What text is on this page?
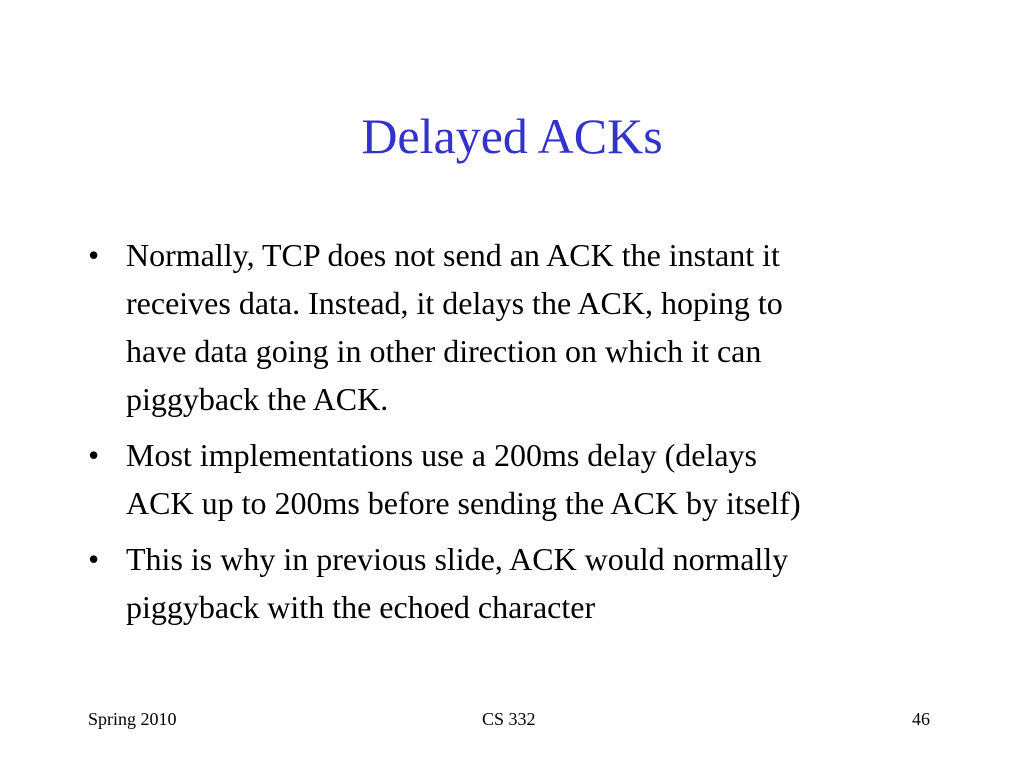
Delayed ACKs
• Normally, TCP does not send an ACK the instant it
receives data. Instead, it delays the ACK, hoping to
have data going in other direction on which it can
piggyback the ACK.
• Most implementations use a 200ms delay (delays
ACK up to 200ms before sending the ACK by itself)
• This is why in previous slide, ACK would normally
piggyback with the echoed character
Spring 2010	CS 332	46
